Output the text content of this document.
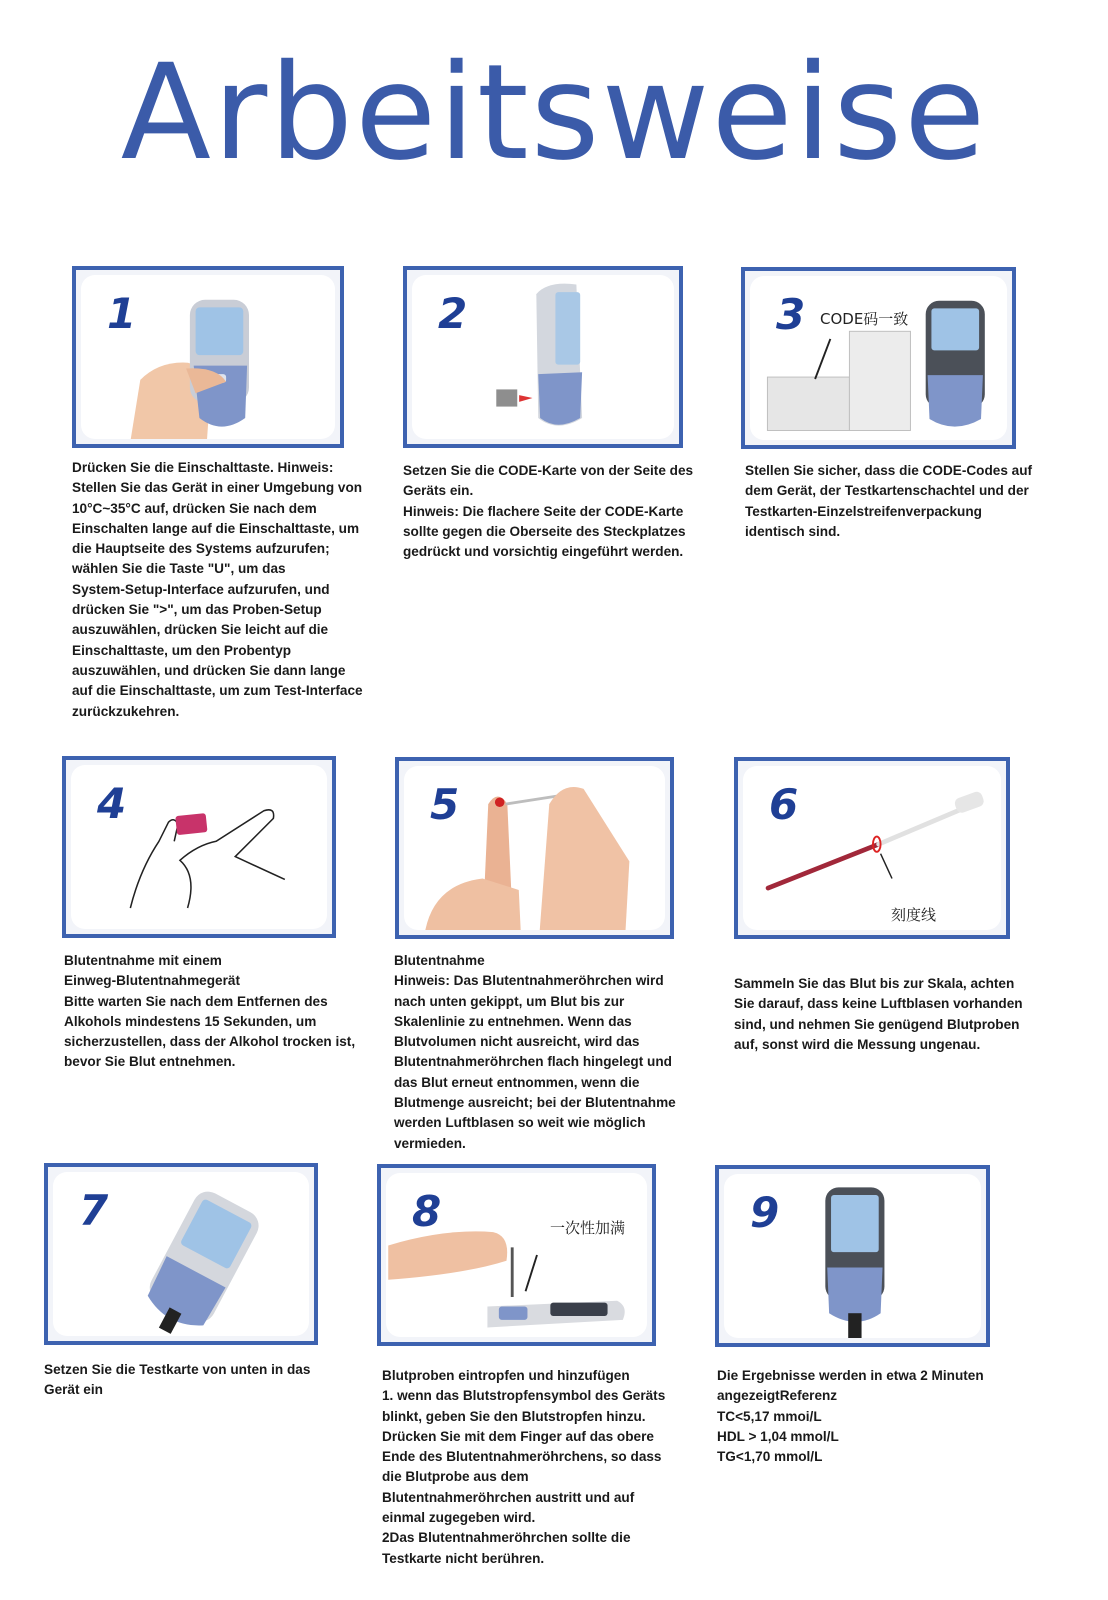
Arbeitsweise
1
Drücken Sie die Einschalttaste. Hinweis:
Stellen Sie das Gerät in einer Umgebung von
10°C~35°C auf, drücken Sie nach dem
Einschalten lange auf die Einschalttaste, um
die Hauptseite des Systems aufzurufen;
wählen Sie die Taste "U", um das
System-Setup-Interface aufzurufen, und
drücken Sie ">", um das Proben-Setup
auszuwählen, drücken Sie leicht auf die
Einschalttaste, um den Probentyp
auszuwählen, und drücken Sie dann lange
auf die Einschalttaste, um zum Test-Interface
zurückzukehren.
2
Setzen Sie die CODE-Karte von der Seite des
Geräts ein.
Hinweis: Die flachere Seite der CODE-Karte
sollte gegen die Oberseite des Steckplatzes
gedrückt und vorsichtig eingeführt werden.
3 CODE码一致
Stellen Sie sicher, dass die CODE-Codes auf
dem Gerät, der Testkartenschachtel und der
Testkarten-Einzelstreifenverpackung
identisch sind.
4
Blutentnahme mit einem
Einweg-Blutentnahmegerät
Bitte warten Sie nach dem Entfernen des
Alkohols mindestens 15 Sekunden, um
sicherzustellen, dass der Alkohol trocken ist,
bevor Sie Blut entnehmen.
5
Blutentnahme
Hinweis: Das Blutentnahmeröhrchen wird
nach unten gekippt, um Blut bis zur
Skalenlinie zu entnehmen. Wenn das
Blutvolumen nicht ausreicht, wird das
Blutentnahmeröhrchen flach hingelegt und
das Blut erneut entnommen, wenn die
Blutmenge ausreicht; bei der Blutentnahme
werden Luftblasen so weit wie möglich
vermieden.
6
刻度线
Sammeln Sie das Blut bis zur Skala, achten
Sie darauf, dass keine Luftblasen vorhanden
sind, und nehmen Sie genügend Blutproben
auf, sonst wird die Messung ungenau.
7
Setzen Sie die Testkarte von unten in das
Gerät ein
8	一次性加满
Blutproben eintropfen und hinzufügen
1. wenn das Blutstropfensymbol des Geräts
blinkt, geben Sie den Blutstropfen hinzu.
Drücken Sie mit dem Finger auf das obere
Ende des Blutentnahmeröhrchens, so dass
die Blutprobe aus dem
Blutentnahmeröhrchen austritt und auf
einmal zugegeben wird.
2Das Blutentnahmeröhrchen sollte die
Testkarte nicht berühren.
9
Die Ergebnisse werden in etwa 2 Minuten
angezeigtReferenz
TC<5,17 mmoi/L
HDL > 1,04 mmol/L
TG<1,70 mmol/L
